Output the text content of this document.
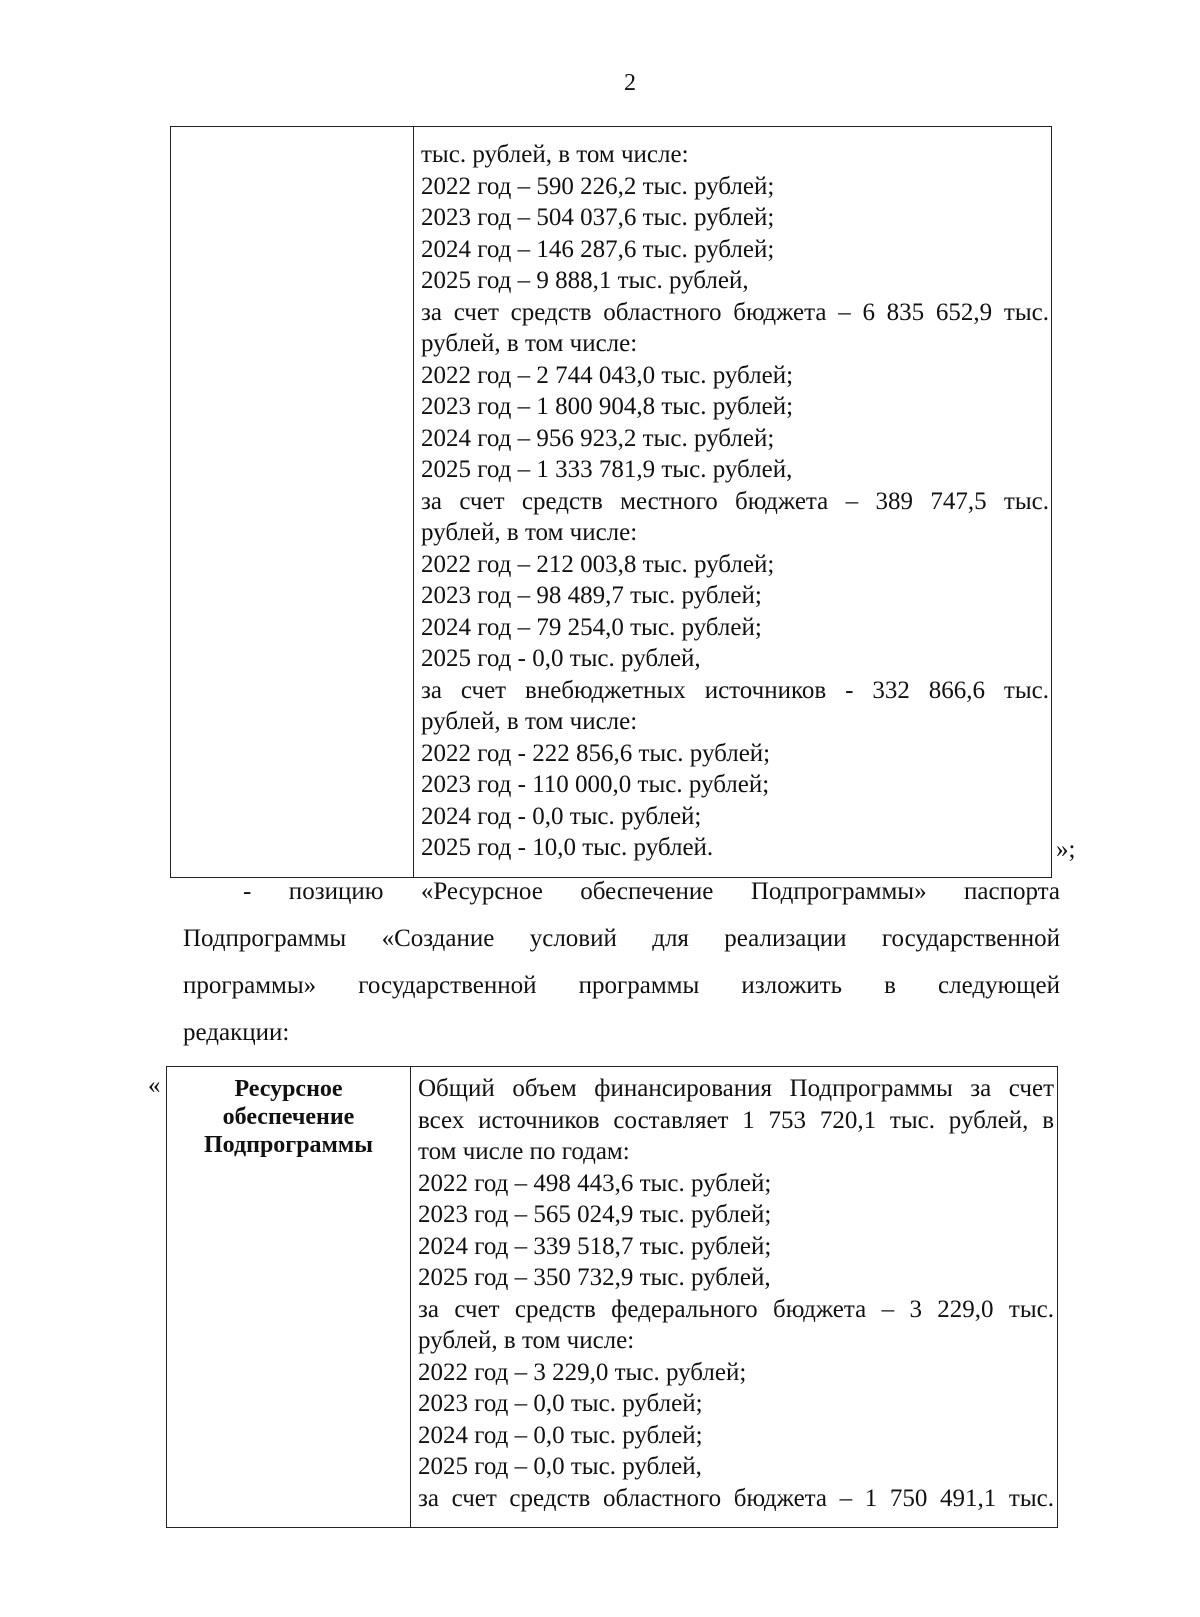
2
тыс. рублей, в том числе:
2022 год – 590 226,2 тыс. рублей;
2023 год – 504 037,6 тыс. рублей;
2024 год – 146 287,6 тыс. рублей;
2025 год – 9 888,1 тыс. рублей,
за счет средств областного бюджета – 6 835 652,9 тыс.
рублей, в том числе:
2022 год – 2 744 043,0 тыс. рублей;
2023 год – 1 800 904,8 тыс. рублей;
2024 год – 956 923,2 тыс. рублей;
2025 год – 1 333 781,9 тыс. рублей,
за счет средств местного бюджета – 389 747,5 тыс.
рублей, в том числе:
2022 год – 212 003,8 тыс. рублей;
2023 год – 98 489,7 тыс. рублей;
2024 год – 79 254,0 тыс. рублей;
2025 год - 0,0 тыс. рублей,
за счет внебюджетных источников - 332 866,6 тыс.
рублей, в том числе:
2022 год - 222 856,6 тыс. рублей;
2023 год - 110 000,0 тыс. рублей;
2024 год - 0,0 тыс. рублей;
2025 год - 10,0 тыс. рублей.	»;
- позицию «Ресурсное обеспечение Подпрограммы» паспорта
Подпрограммы «Создание условий для реализации государственной
программы» государственной программы изложить в следующей
редакции:
«	Ресурсное
обеспечение
Подпрограммы
Общий объем финансирования Подпрограммы за счет
всех источников составляет 1 753 720,1 тыс. рублей, в
том числе по годам:
2022 год – 498 443,6 тыс. рублей;
2023 год – 565 024,9 тыс. рублей;
2024 год – 339 518,7 тыс. рублей;
2025 год – 350 732,9 тыс. рублей,
за счет средств федерального бюджета – 3 229,0 тыс.
рублей, в том числе:
2022 год – 3 229,0 тыс. рублей;
2023 год – 0,0 тыс. рублей;
2024 год – 0,0 тыс. рублей;
2025 год – 0,0 тыс. рублей,
за счет средств областного бюджета – 1 750 491,1 тыс.
